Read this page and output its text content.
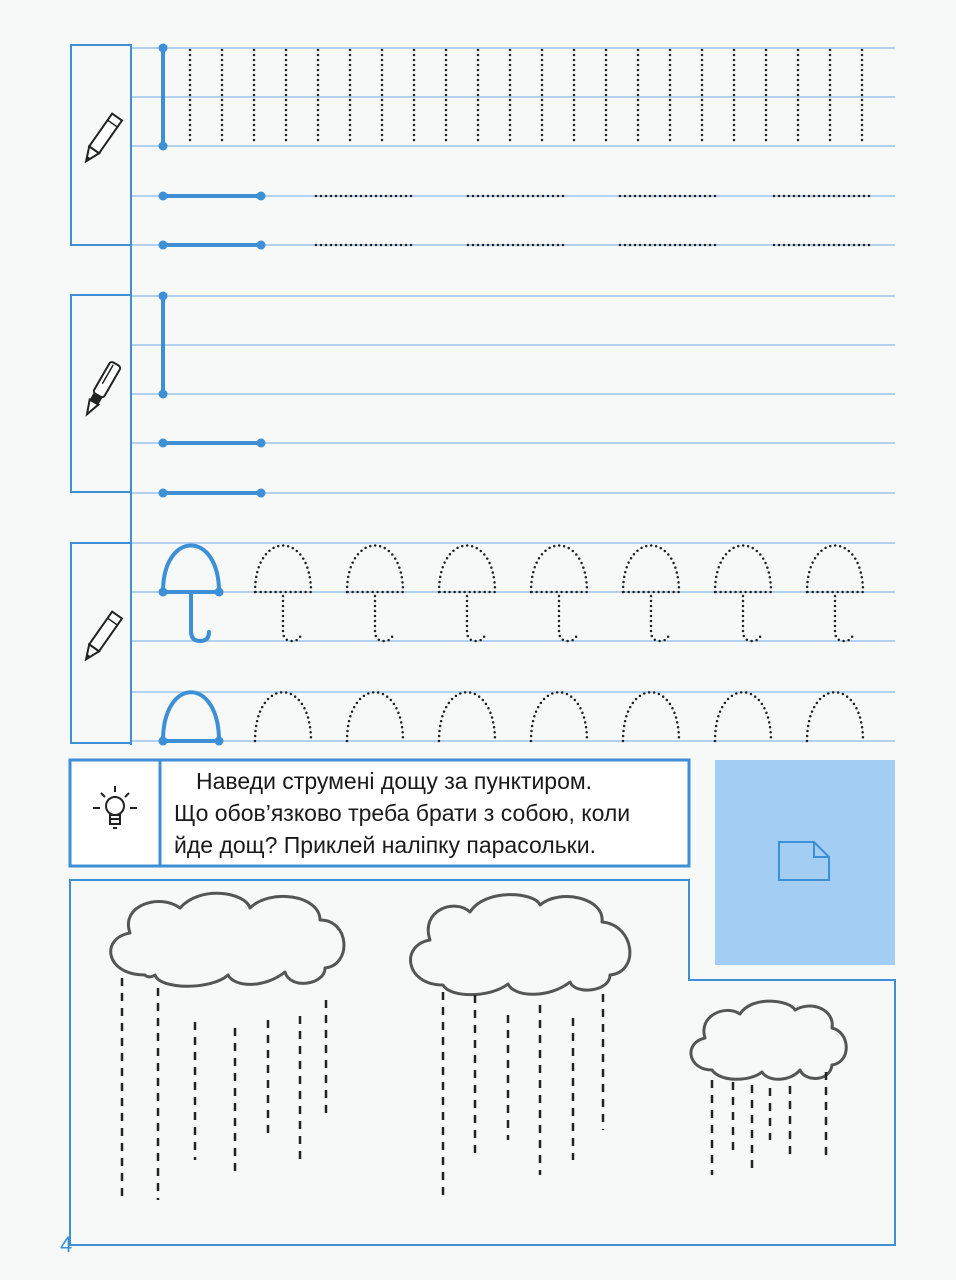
Наведи струмені дощу за пунктиром.
Що обов’язково треба брати з собою, коли
йде дощ? Приклей наліпку парасольки.
4
